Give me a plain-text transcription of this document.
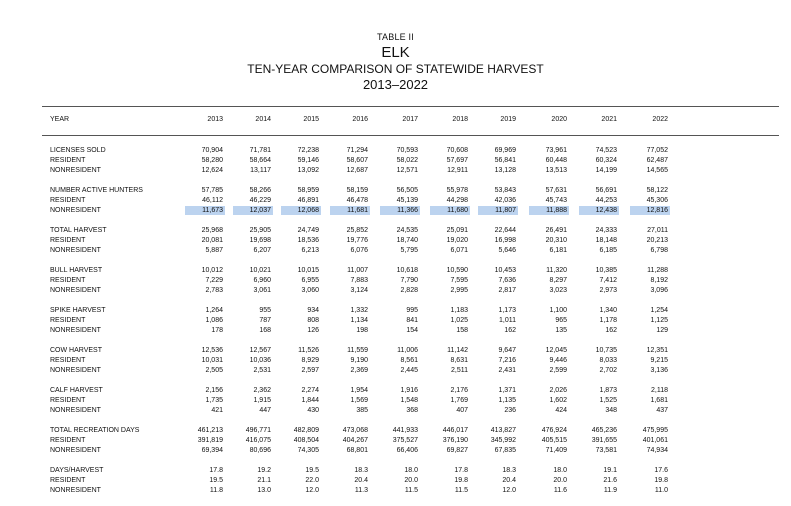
TABLE II
ELK
TEN-YEAR COMPARISON OF STATEWIDE HARVEST
2013–2022
YEAR	2013	2014	2015	2016	2017	2018	2019	2020	2021	2022
LICENSES SOLD	70,904	71,781	72,238	71,294	70,593	70,608	69,969	73,961	74,523	77,052
RESIDENT	58,280	58,664	59,146	58,607	58,022	57,697	56,841	60,448	60,324	62,487
NONRESIDENT	12,624	13,117	13,092	12,687	12,571	12,911	13,128	13,513	14,199	14,565
NUMBER ACTIVE HUNTERS	57,785	58,266	58,959	58,159	56,505	55,978	53,843	57,631	56,691	58,122
RESIDENT	46,112	46,229	46,891	46,478	45,139	44,298	42,036	45,743	44,253	45,306
NONRESIDENT	11,673	12,037	12,068	11,681	11,366	11,680	11,807	11,888	12,438	12,816
TOTAL HARVEST	25,968	25,905	24,749	25,852	24,535	25,091	22,644	26,491	24,333	27,011
RESIDENT	20,081	19,698	18,536	19,776	18,740	19,020	16,998	20,310	18,148	20,213
NONRESIDENT	5,887	6,207	6,213	6,076	5,795	6,071	5,646	6,181	6,185	6,798
BULL HARVEST	10,012	10,021	10,015	11,007	10,618	10,590	10,453	11,320	10,385	11,288
RESIDENT	7,229	6,960	6,955	7,883	7,790	7,595	7,636	8,297	7,412	8,192
NONRESIDENT	2,783	3,061	3,060	3,124	2,828	2,995	2,817	3,023	2,973	3,096
SPIKE HARVEST	1,264	955	934	1,332	995	1,183	1,173	1,100	1,340	1,254
RESIDENT	1,086	787	808	1,134	841	1,025	1,011	965	1,178	1,125
NONRESIDENT	178	168	126	198	154	158	162	135	162	129
COW HARVEST	12,536	12,567	11,526	11,559	11,006	11,142	9,647	12,045	10,735	12,351
RESIDENT	10,031	10,036	8,929	9,190	8,561	8,631	7,216	9,446	8,033	9,215
NONRESIDENT	2,505	2,531	2,597	2,369	2,445	2,511	2,431	2,599	2,702	3,136
CALF HARVEST	2,156	2,362	2,274	1,954	1,916	2,176	1,371	2,026	1,873	2,118
RESIDENT	1,735	1,915	1,844	1,569	1,548	1,769	1,135	1,602	1,525	1,681
NONRESIDENT	421	447	430	385	368	407	236	424	348	437
TOTAL RECREATION DAYS	461,213	496,771	482,809	473,068	441,933	446,017	413,827	476,924	465,236	475,995
RESIDENT	391,819	416,075	408,504	404,267	375,527	376,190	345,992	405,515	391,655	401,061
NONRESIDENT	69,394	80,696	74,305	68,801	66,406	69,827	67,835	71,409	73,581	74,934
DAYS/HARVEST	17.8	19.2	19.5	18.3	18.0	17.8	18.3	18.0	19.1	17.6
RESIDENT	19.5	21.1	22.0	20.4	20.0	19.8	20.4	20.0	21.6	19.8
NONRESIDENT	11.8	13.0	12.0	11.3	11.5	11.5	12.0	11.6	11.9	11.0
